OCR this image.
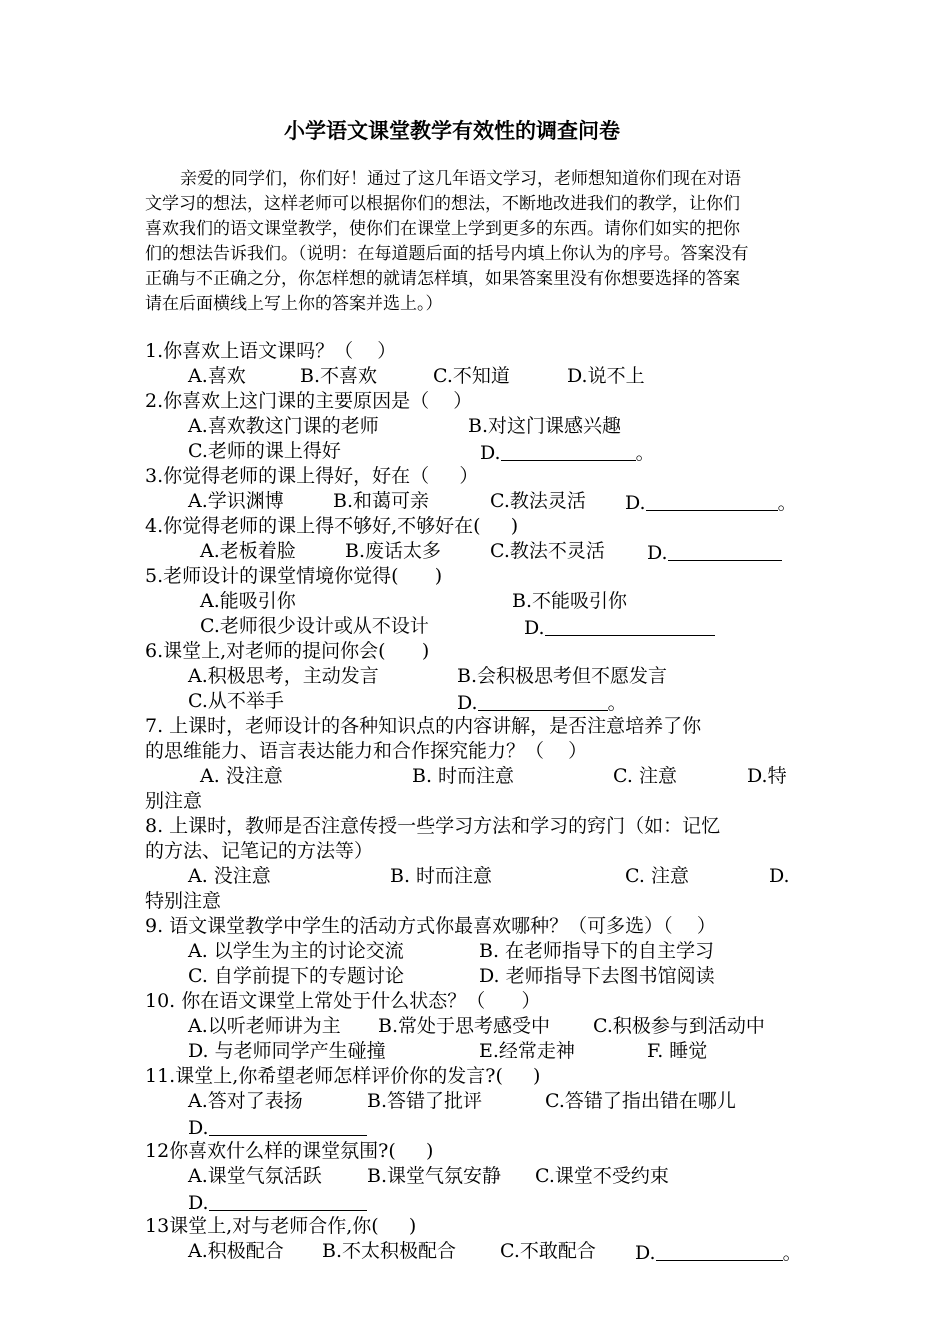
小学语文课堂教学有效性的调查问卷
亲爱的同学们，你们好！通过了这几年语文学习，老师想知道你们现在对语
文学习的想法，这样老师可以根据你们的想法，不断地改进我们的教学，让你们
喜欢我们的语文课堂教学，使你们在课堂上学到更多的东西。请你们如实的把你
们的想法告诉我们。（说明：在每道题后面的括号内填上你认为的序号。答案没有
正确与不正确之分，你怎样想的就请怎样填，如果答案里没有你想要选择的答案
请在后面横线上写上你的答案并选上。）
1.你喜欢上语文课吗？（    ）
A.喜欢	B.不喜欢	C.不知道	D.说不上
2.你喜欢上这门课的主要原因是（    ）
A.喜欢教这门课的老师	B.对这门课感兴趣
C.老师的课上得好	D.	。
3.你觉得老师的课上得好，好在（     ）
A.学识渊博	B.和蔼可亲	C.教法灵活 D.	。
4.你觉得老师的课上得不够好,不够好在(     )
A.老板着脸	B.废话太多	C.教法不灵活 D.
5.老师设计的课堂情境你觉得(      )
A.能吸引你	B.不能吸引你
C.老师很少设计或从不设计	D.
6.课堂上,对老师的提问你会(      )
A.积极思考，主动发言	B.会积极思考但不愿发言
C.从不举手	D.	。
7. 上课时，老师设计的各种知识点的内容讲解，是否注意培养了你
的思维能力、语言表达能力和合作探究能力？（    ）
A. 没注意	B. 时而注意	C. 注意	D.特
别注意
8. 上课时，教师是否注意传授一些学习方法和学习的窍门（如：记忆
的方法、记笔记的方法等）
A. 没注意	B. 时而注意	C. 注意	D.
特别注意
9. 语文课堂教学中学生的活动方式你最喜欢哪种？（可多选）（    ）
A. 以学生为主的讨论交流	B. 在老师指导下的自主学习
C. 自学前提下的专题讨论	D. 老师指导下去图书馆阅读
10. 你在语文课堂上常处于什么状态？（      ）
A.以听老师讲为主 B.常处于思考感受中 C.积极参与到活动中
D. 与老师同学产生碰撞	E.经常走神	F. 睡觉
11.课堂上,你希望老师怎样评价你的发言?(     )
A.答对了表扬	B.答错了批评	C.答错了指出错在哪儿
D.
12你喜欢什么样的课堂氛围?(     )
A.课堂气氛活跃 B.课堂气氛安静 C.课堂不受约束
D.
13课堂上,对与老师合作,你(     )
A.积极配合 B.不太积极配合 C.不敢配合 D.	。
